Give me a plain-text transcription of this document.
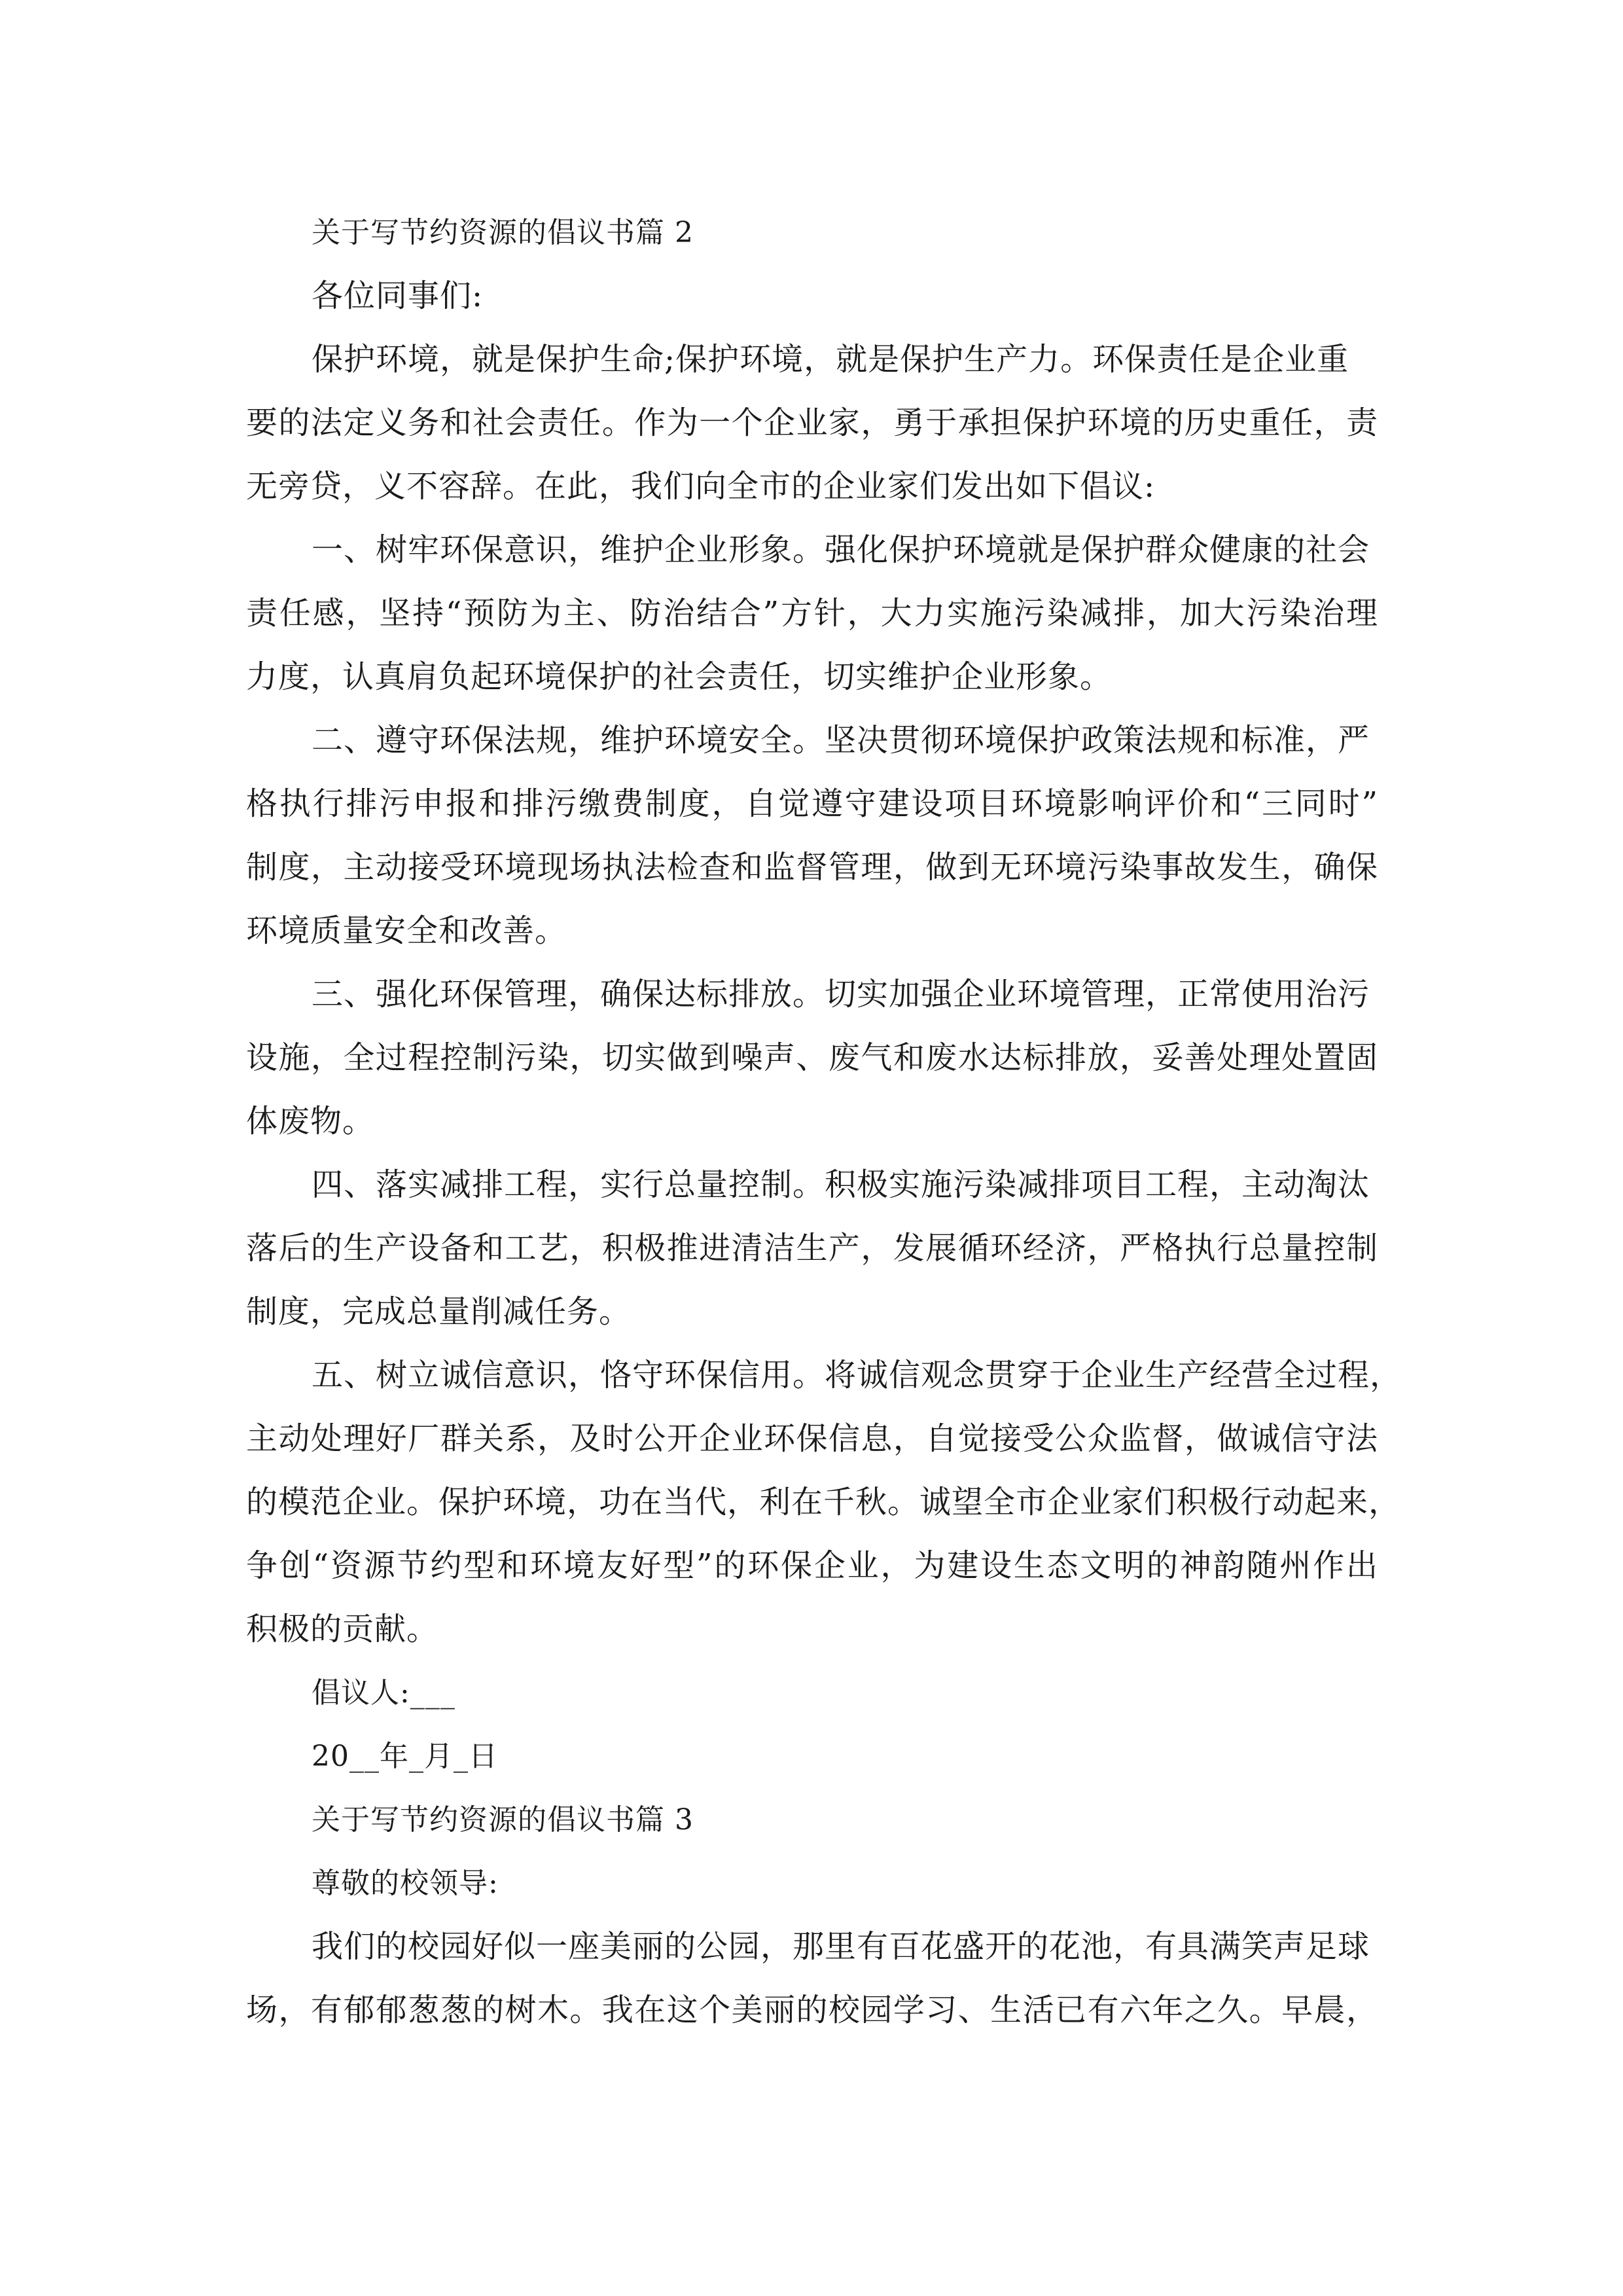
关于写节约资源的倡议书篇 2
各位同事们:
保护环境，就是保护生命;保护环境，就是保护生产力。环保责任是企业重
要的法定义务和社会责任。作为一个企业家，勇于承担保护环境的历史重任，责
无旁贷，义不容辞。在此，我们向全市的企业家们发出如下倡议:
一、树牢环保意识，维护企业形象。强化保护环境就是保护群众健康的社会
责任感，坚持“预防为主、防治结合”方针，大力实施污染减排，加大污染治理
力度，认真肩负起环境保护的社会责任，切实维护企业形象。
二、遵守环保法规，维护环境安全。坚决贯彻环境保护政策法规和标准，严
格执行排污申报和排污缴费制度，自觉遵守建设项目环境影响评价和“三同时”
制度，主动接受环境现场执法检查和监督管理，做到无环境污染事故发生，确保
环境质量安全和改善。
三、强化环保管理，确保达标排放。切实加强企业环境管理，正常使用治污
设施，全过程控制污染，切实做到噪声、废气和废水达标排放，妥善处理处置固
体废物。
四、落实减排工程，实行总量控制。积极实施污染减排项目工程，主动淘汰
落后的生产设备和工艺，积极推进清洁生产，发展循环经济，严格执行总量控制
制度，完成总量削减任务。
五、树立诚信意识，恪守环保信用。将诚信观念贯穿于企业生产经营全过程，
主动处理好厂群关系，及时公开企业环保信息，自觉接受公众监督，做诚信守法
的模范企业。保护环境，功在当代，利在千秋。诚望全市企业家们积极行动起来，
争创“资源节约型和环境友好型”的环保企业，为建设生态文明的神韵随州作出
积极的贡献。
倡议人:___
20__年_月_日
关于写节约资源的倡议书篇 3
尊敬的校领导:
我们的校园好似一座美丽的公园，那里有百花盛开的花池，有具满笑声足球
场，有郁郁葱葱的树木。我在这个美丽的校园学习、生活已有六年之久。早晨，
